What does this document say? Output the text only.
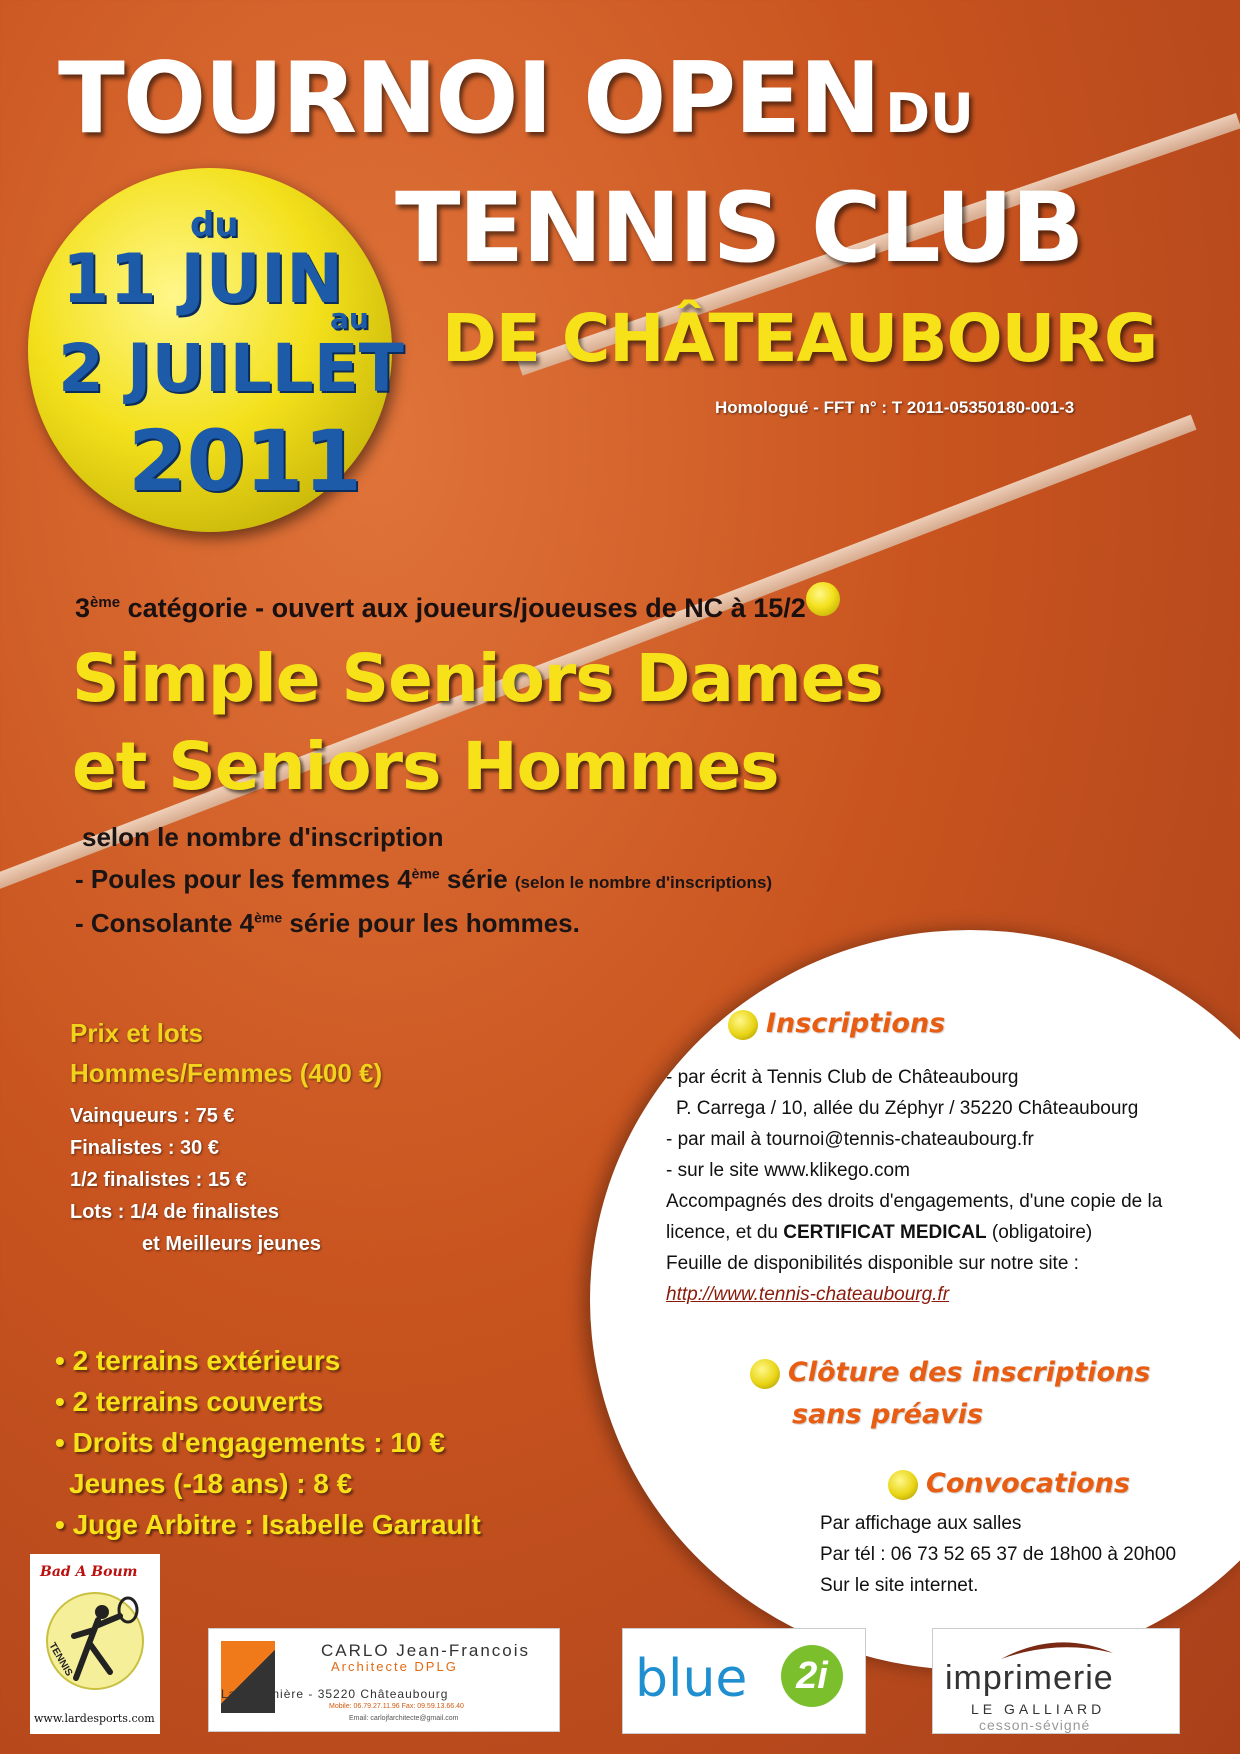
TOURNOI OPEN DU
TENNIS CLUB
DE CHÂTEAUBOURG
Homologué - FFT n° : T 2011-05350180-001-3
du
11 JUIN
au
2 JUILLET
2011
3ème catégorie - ouvert aux joueurs/joueuses de NC à 15/2
Simple Seniors Dames
et Seniors Hommes
selon le nombre d'inscription
- Poules pour les femmes 4ème série (selon le nombre d'inscriptions)
- Consolante 4ème série pour les hommes.
Prix et lots
Hommes/Femmes (400 €)
Vainqueurs : 75 €
Finalistes : 30 €
1/2 finalistes : 15 €
Lots : 1/4 de finalistes
et Meilleurs jeunes
• 2 terrains extérieurs
• 2 terrains couverts
• Droits d'engagements : 10 €
Jeunes (-18 ans) : 8 €
• Juge Arbitre : Isabelle Garrault
Inscriptions
- par écrit à Tennis Club de Châteaubourg
P. Carrega / 10, allée du Zéphyr / 35220 Châteaubourg
- par mail à tournoi@tennis-chateaubourg.fr
- sur le site www.klikego.com
Accompagnés des droits d'engagements, d'une copie de la
licence, et du CERTIFICAT MEDICAL (obligatoire)
Feuille de disponibilités disponible sur notre site :
http://www.tennis-chateaubourg.fr
Clôture des inscriptions
sans préavis
Convocations
Par affichage aux salles
Par tél : 06 73 52 65 37 de 18h00 à 20h00
Sur le site internet.
Bad A Boum
TENNIS
www.lardesports.com
CARLO Jean-Francois
Architecte DPLG
La Martinière - 35220 Châteaubourg
Mobile: 06.79.27.11.96 Fax: 09.59.13.66.40
Email: carlojfarchitecte@gmail.com
blue	2i	imprimerie
LE GALLIARD
cesson-sévigné
